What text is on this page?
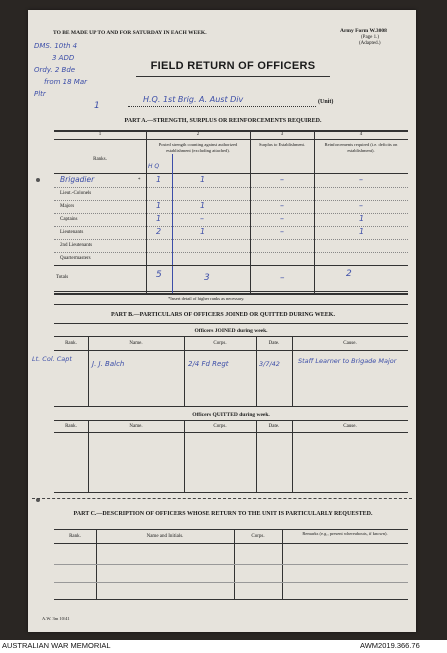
TO BE MADE UP TO AND FOR SATURDAY IN EACH WEEK.	Army Form W.3008
(Page 1.)
(Adapted.)
DMS. 10th 4
3 ADD
Ordy. 2 Bde
from 18 Mar
Pltr
1
FIELD RETURN OF OFFICERS
H.Q. 1st Brig. A. Aust Div	(Unit)
PART A.—STRENGTH, SURPLUS OR REINFORCEMENTS REQUIRED.
1	2	3	4
Ranks.
Posted strength counting against authorized establishment (excluding attached).
Surplus to Establishment.	Reinforcements required (i.e. deficits on establishment).
H Q
Brigadier	* 1	1	–	–
Lieut.-Colonels
Majors	1	1	–	–
Captains	1	–	–	1
Lieutenants	2	1	–	1
2nd Lieutenants
Quartermasters
Totals	5	3	–	2
*Insert detail of higher ranks as necessary.
PART B.—PARTICULARS OF OFFICERS JOINED OR QUITTED DURING WEEK.
Officers JOINED during week.
Rank.	Name.	Corps.	Date.	Cause.
Lt. Col. Capt
J. J. Balch	2/4 Fd Regt	3/7/42	Staff Learner to Brigade Major
Officers QUITTED during week.
Rank.	Name.	Corps.	Date.	Cause.
PART C.—DESCRIPTION OF OFFICERS WHOSE RETURN TO THE UNIT IS PARTICULARLY REQUESTED.
Rank.	Name and Initials.	Corps.
Remarks (e.g., present whereabouts, if known).
A.W. 3m 10/41
AUSTRALIAN WAR MEMORIAL	AWM2019.366.76
